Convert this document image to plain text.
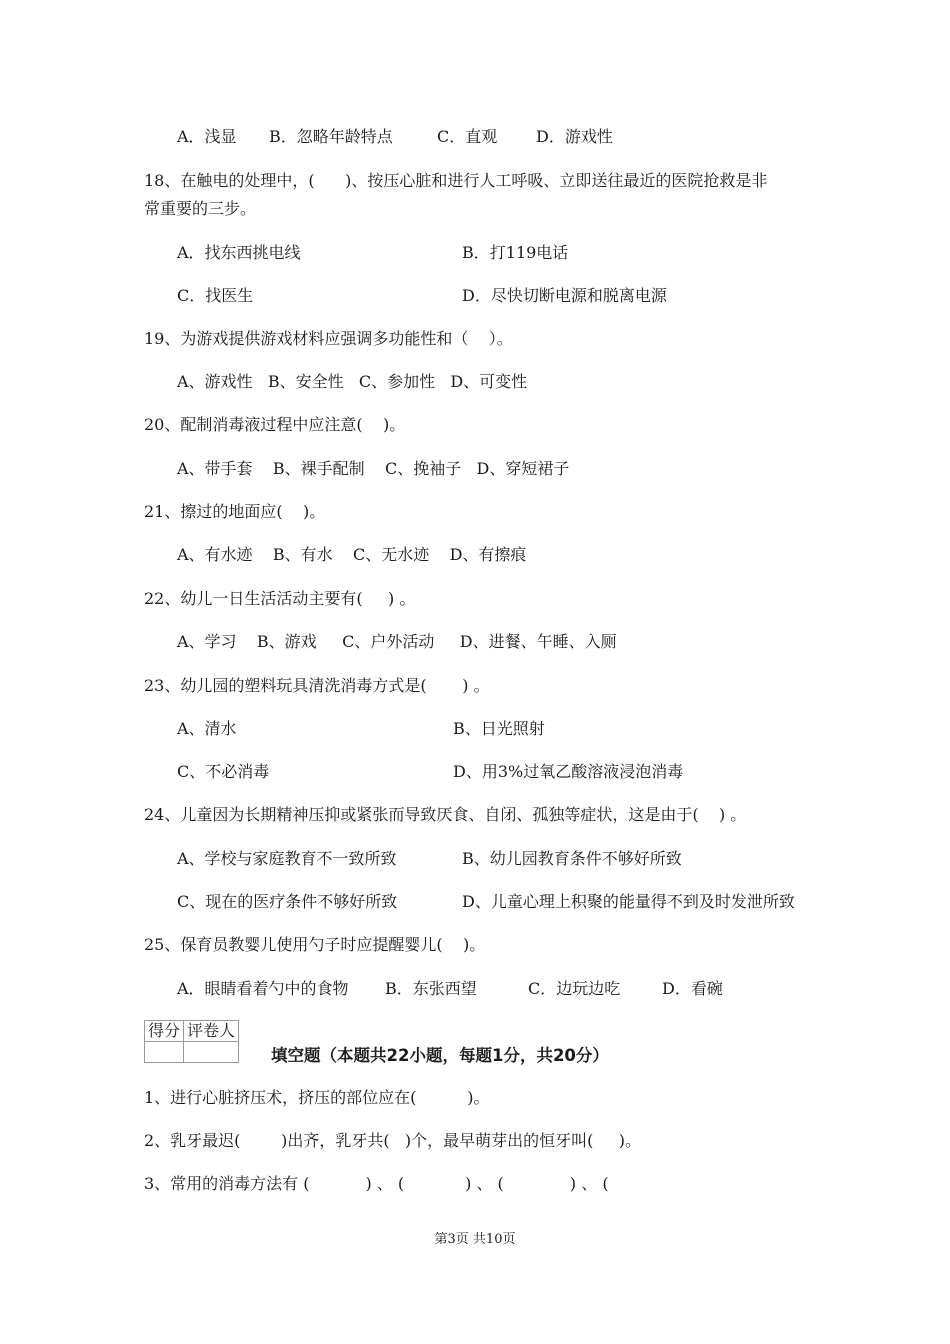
A．浅显 B．忽略年龄特点	C．直观 D．游戏性
18、在触电的处理中，(      )、按压心脏和进行人工呼吸、立即送往最近的医院抢救是非
常重要的三步。
A．找东西挑电线	B．打119电话
C．找医生	D．尽快切断电源和脱离电源
19、为游戏提供游戏材料应强调多功能性和（    ）。
A、游戏性   B、安全性   C、参加性   D、可变性
20、配制消毒液过程中应注意(    )。
A、带手套    B、裸手配制    C、挽袖子   D、穿短裙子
21、擦过的地面应(    )。
A、有水迹    B、有水    C、无水迹    D、有擦痕
22、幼儿一日生活活动主要有(     ) 。
A、学习    B、游戏     C、户外活动     D、进餐、午睡、入厕
23、幼儿园的塑料玩具清洗消毒方式是(       ) 。
A、清水	B、日光照射
C、不必消毒	D、用3%过氧乙酸溶液浸泡消毒
24、儿童因为长期精神压抑或紧张而导致厌食、自闭、孤独等症状，这是由于(    ) 。
A、学校与家庭教育不一致所致	B、幼儿园教育条件不够好所致
C、现在的医疗条件不够好所致	D、儿童心理上积聚的能量得不到及时发泄所致
25、保育员教婴儿使用勺子时应提醒婴儿(    )。
A．眼睛看着勺中的食物 B．东张西望	C．边玩边吃	D．看碗
得分	评卷人

填空题（本题共22小题，每题1分，共20分）
1、进行心脏挤压术，挤压的部位应在(          )。
2、乳牙最迟(        )出齐，乳牙共(   )个，最早萌芽出的恒牙叫(     )。
3、常用的消毒方法有 (           ) 、 (            ) 、 (             ) 、 (
第3页 共10页
